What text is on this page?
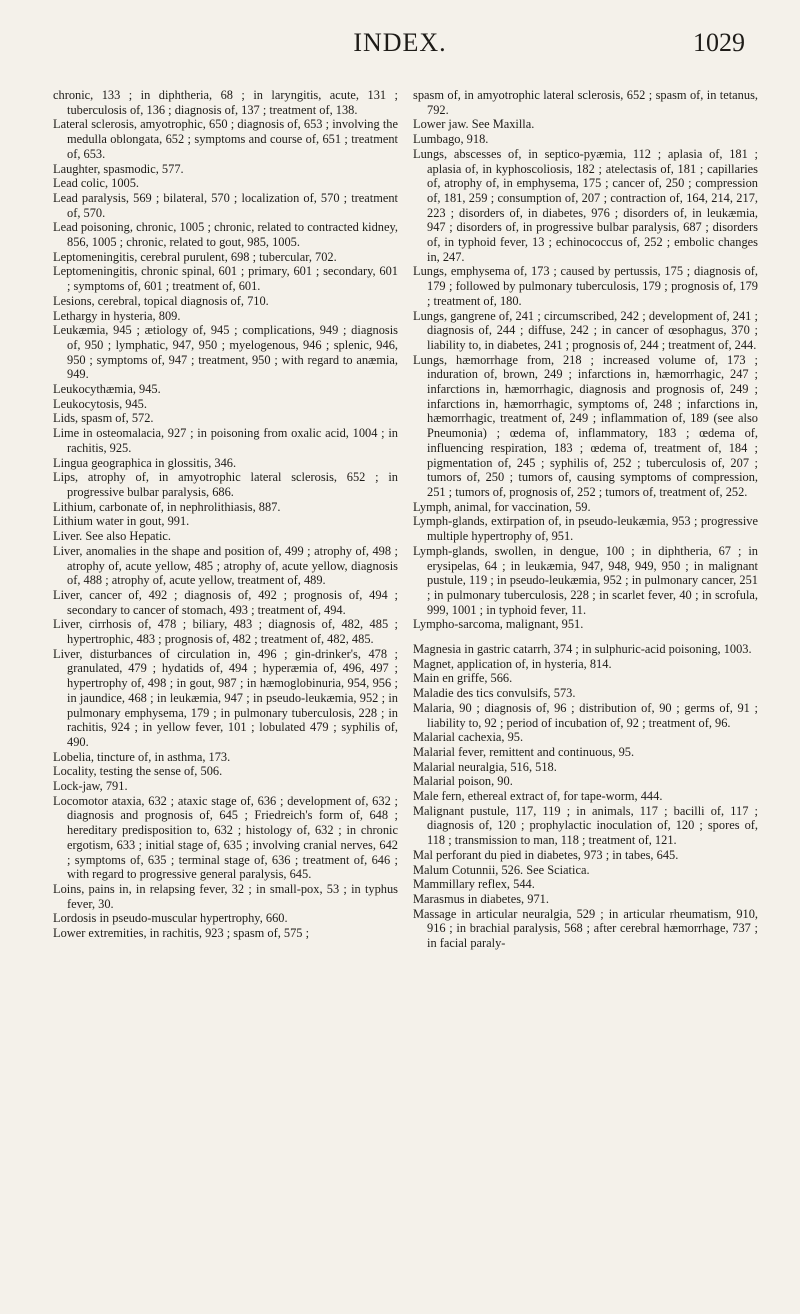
INDEX.	1029

chronic, 133 ; in diphtheria, 68 ; in laryngitis, acute, 131 ; tuberculosis of, 136 ; diagnosis of, 137 ; treatment of, 138.

Lateral sclerosis, amyotrophic, 650 ; diagnosis of, 653 ; involving the medulla oblongata, 652 ; symptoms and course of, 651 ; treatment of, 653.

Laughter, spasmodic, 577.

Lead colic, 1005.

Lead paralysis, 569 ; bilateral, 570 ; localization of, 570 ; treatment of, 570.

Lead poisoning, chronic, 1005 ; chronic, related to contracted kidney, 856, 1005 ; chronic, related to gout, 985, 1005.

Leptomeningitis, cerebral purulent, 698 ; tubercular, 702.

Leptomeningitis, chronic spinal, 601 ; primary, 601 ; secondary, 601 ; symptoms of, 601 ; treatment of, 601.

Lesions, cerebral, topical diagnosis of, 710.

Lethargy in hysteria, 809.

Leukæmia, 945 ; ætiology of, 945 ; complications, 949 ; diagnosis of, 950 ; lymphatic, 947, 950 ; myelogenous, 946 ; splenic, 946, 950 ; symptoms of, 947 ; treatment, 950 ; with regard to anæmia, 949.

Leukocythæmia, 945.

Leukocytosis, 945.

Lids, spasm of, 572.

Lime in osteomalacia, 927 ; in poisoning from oxalic acid, 1004 ; in rachitis, 925.

Lingua geographica in glossitis, 346.

Lips, atrophy of, in amyotrophic lateral sclerosis, 652 ; in progressive bulbar paralysis, 686.

Lithium, carbonate of, in nephrolithiasis, 887.

Lithium water in gout, 991.

Liver. See also Hepatic.

Liver, anomalies in the shape and position of, 499 ; atrophy of, 498 ; atrophy of, acute yellow, 485 ; atrophy of, acute yellow, diagnosis of, 488 ; atrophy of, acute yellow, treatment of, 489.

Liver, cancer of, 492 ; diagnosis of, 492 ; prognosis of, 494 ; secondary to cancer of stomach, 493 ; treatment of, 494.

Liver, cirrhosis of, 478 ; biliary, 483 ; diagnosis of, 482, 485 ; hypertrophic, 483 ; prognosis of, 482 ; treatment of, 482, 485.

Liver, disturbances of circulation in, 496 ; gin-drinker's, 478 ; granulated, 479 ; hydatids of, 494 ; hyperæmia of, 496, 497 ; hypertrophy of, 498 ; in gout, 987 ; in hæmoglobinuria, 954, 956 ; in jaundice, 468 ; in leukæmia, 947 ; in pseudo-leukæmia, 952 ; in pulmonary emphysema, 179 ; in pulmonary tuberculosis, 228 ; in rachitis, 924 ; in yellow fever, 101 ; lobulated 479 ; syphilis of, 490.

Lobelia, tincture of, in asthma, 173.

Locality, testing the sense of, 506.

Lock-jaw, 791.

Locomotor ataxia, 632 ; ataxic stage of, 636 ; development of, 632 ; diagnosis and prognosis of, 645 ; Friedreich's form of, 648 ; hereditary predisposition to, 632 ; histology of, 632 ; in chronic ergotism, 633 ; initial stage of, 635 ; involving cranial nerves, 642 ; symptoms of, 635 ; terminal stage of, 636 ; treatment of, 646 ; with regard to progressive general paralysis, 645.

Loins, pains in, in relapsing fever, 32 ; in small-pox, 53 ; in typhus fever, 30.

Lordosis in pseudo-muscular hypertrophy, 660.

Lower extremities, in rachitis, 923 ; spasm of, 575 ;

spasm of, in amyotrophic lateral sclerosis, 652 ; spasm of, in tetanus, 792.

Lower jaw. See Maxilla.

Lumbago, 918.

Lungs, abscesses of, in septico-pyæmia, 112 ; aplasia of, 181 ; aplasia of, in kyphoscoliosis, 182 ; atelectasis of, 181 ; capillaries of, atrophy of, in emphysema, 175 ; cancer of, 250 ; compression of, 181, 259 ; consumption of, 207 ; contraction of, 164, 214, 217, 223 ; disorders of, in diabetes, 976 ; disorders of, in leukæmia, 947 ; disorders of, in progressive bulbar paralysis, 687 ; disorders of, in typhoid fever, 13 ; echinococcus of, 252 ; embolic changes in, 247.

Lungs, emphysema of, 173 ; caused by pertussis, 175 ; diagnosis of, 179 ; followed by pulmonary tuberculosis, 179 ; prognosis of, 179 ; treatment of, 180.

Lungs, gangrene of, 241 ; circumscribed, 242 ; development of, 241 ; diagnosis of, 244 ; diffuse, 242 ; in cancer of œsophagus, 370 ; liability to, in diabetes, 241 ; prognosis of, 244 ; treatment of, 244.

Lungs, hæmorrhage from, 218 ; increased volume of, 173 ; induration of, brown, 249 ; infarctions in, hæmorrhagic, 247 ; infarctions in, hæmorrhagic, diagnosis and prognosis of, 249 ; infarctions in, hæmorrhagic, symptoms of, 248 ; infarctions in, hæmorrhagic, treatment of, 249 ; inflammation of, 189 (see also Pneumonia) ; œdema of, inflammatory, 183 ; œdema of, influencing respiration, 183 ; œdema of, treatment of, 184 ; pigmentation of, 245 ; syphilis of, 252 ; tuberculosis of, 207 ; tumors of, 250 ; tumors of, causing symptoms of compression, 251 ; tumors of, prognosis of, 252 ; tumors of, treatment of, 252.

Lymph, animal, for vaccination, 59.

Lymph-glands, extirpation of, in pseudo-leukæmia, 953 ; progressive multiple hypertrophy of, 951.

Lymph-glands, swollen, in dengue, 100 ; in diphtheria, 67 ; in erysipelas, 64 ; in leukæmia, 947, 948, 949, 950 ; in malignant pustule, 119 ; in pseudo-leukæmia, 952 ; in pulmonary cancer, 251 ; in pulmonary tuberculosis, 228 ; in scarlet fever, 40 ; in scrofula, 999, 1001 ; in typhoid fever, 11.

Lympho-sarcoma, malignant, 951.

Magnesia in gastric catarrh, 374 ; in sulphuric-acid poisoning, 1003.

Magnet, application of, in hysteria, 814.

Main en griffe, 566.

Maladie des tics convulsifs, 573.

Malaria, 90 ; diagnosis of, 96 ; distribution of, 90 ; germs of, 91 ; liability to, 92 ; period of incubation of, 92 ; treatment of, 96.

Malarial cachexia, 95.

Malarial fever, remittent and continuous, 95.

Malarial neuralgia, 516, 518.

Malarial poison, 90.

Male fern, ethereal extract of, for tape-worm, 444.

Malignant pustule, 117, 119 ; in animals, 117 ; bacilli of, 117 ; diagnosis of, 120 ; prophylactic inoculation of, 120 ; spores of, 118 ; transmission to man, 118 ; treatment of, 121.

Mal perforant du pied in diabetes, 973 ; in tabes, 645.

Malum Cotunnii, 526. See Sciatica.

Mammillary reflex, 544.

Marasmus in diabetes, 971.

Massage in articular neuralgia, 529 ; in articular rheumatism, 910, 916 ; in brachial paralysis, 568 ; after cerebral hæmorrhage, 737 ; in facial paraly-
